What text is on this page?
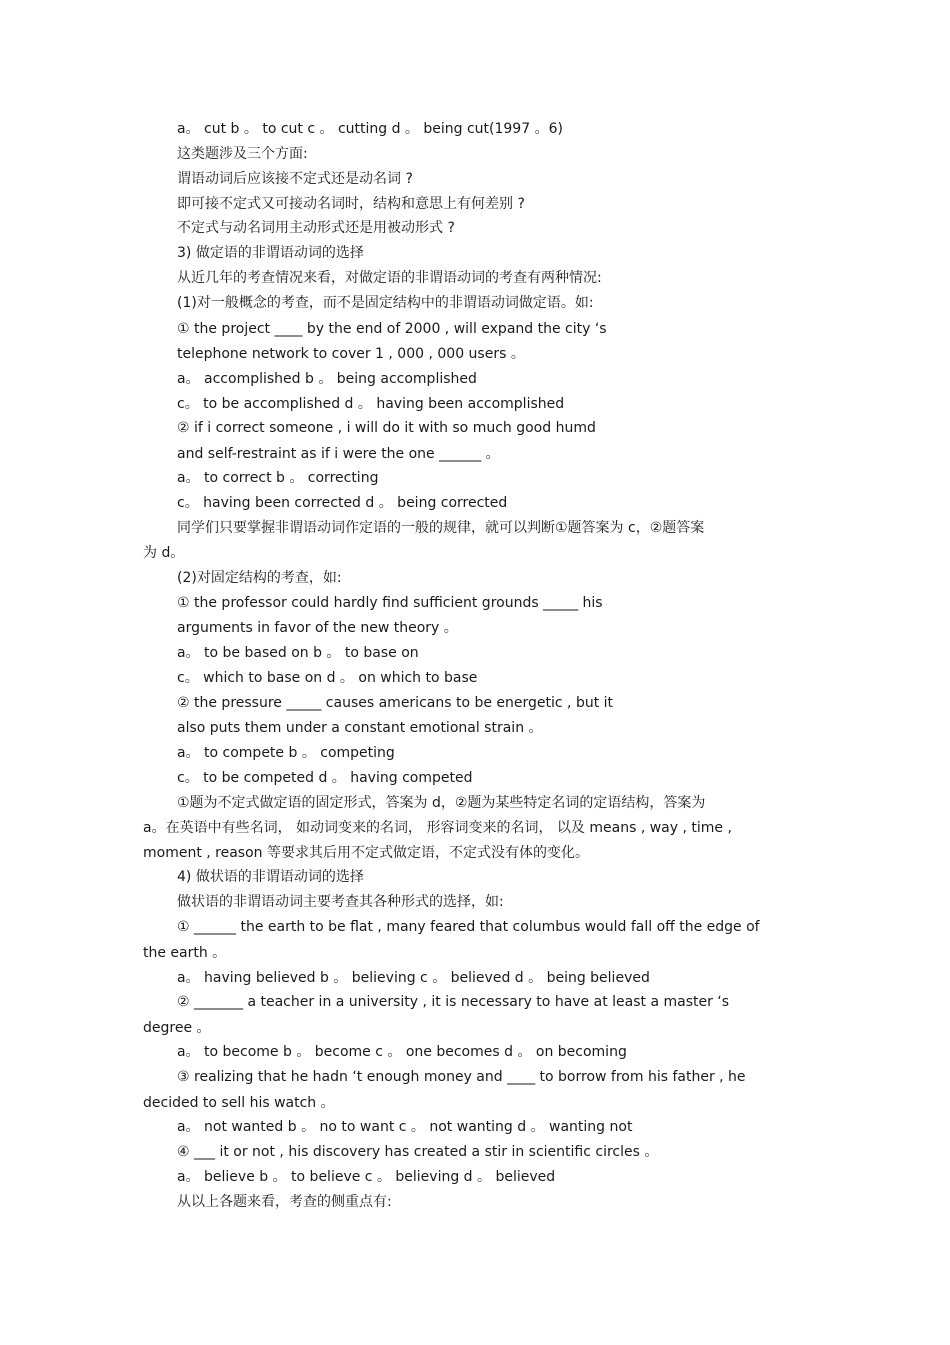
a。 cut b 。 to cut c 。 cutting d 。 being cut(1997 。6)
这类题涉及三个方面:
谓语动词后应该接不定式还是动名词 ?
即可接不定式又可接动名词时，结构和意思上有何差别 ?
不定式与动名词用主动形式还是用被动形式 ?
3) 做定语的非谓语动词的选择
从近几年的考查情况来看，对做定语的非谓语动词的考查有两种情况:
(1)对一般概念的考查，而不是固定结构中的非谓语动词做定语。如:
① the project ____ by the end of 2000 , will expand the city ‘s
telephone network to cover 1 , 000 , 000 users 。
a。 accomplished b 。 being accomplished
c。 to be accomplished d 。 having been accomplished
② if i correct someone , i will do it with so much good humd
and self-restraint as if i were the one ______ 。
a。 to correct b 。 correcting
c。 having been corrected d 。 being corrected
同学们只要掌握非谓语动词作定语的一般的规律，就可以判断①题答案为 c，②题答案
为 d。
(2)对固定结构的考查，如:
① the professor could hardly find sufficient grounds _____ his
arguments in favor of the new theory 。
a。 to be based on b 。 to base on
c。 which to base on d 。 on which to base
② the pressure _____ causes americans to be energetic , but it
also puts them under a constant emotional strain 。
a。 to compete b 。 competing
c。 to be competed d 。 having competed
①题为不定式做定语的固定形式，答案为 d，②题为某些特定名词的定语结构，答案为
a。在英语中有些名词， 如动词变来的名词， 形容词变来的名词， 以及 means , way , time ,
moment , reason 等要求其后用不定式做定语，不定式没有体的变化。
4) 做状语的非谓语动词的选择
做状语的非谓语动词主要考查其各种形式的选择，如:
① ______ the earth to be flat , many feared that columbus would fall off the edge of
the earth 。
a。 having believed b 。 believing c 。 believed d 。 being believed
② _______ a teacher in a university , it is necessary to have at least a master ‘s
degree 。
a。 to become b 。 become c 。 one becomes d 。 on becoming
③ realizing that he hadn ‘t enough money and ____ to borrow from his father , he
decided to sell his watch 。
a。 not wanted b 。 no to want c 。 not wanting d 。 wanting not
④ ___ it or not , his discovery has created a stir in scientific circles 。
a。 believe b 。 to believe c 。 believing d 。 believed
从以上各题来看，考查的侧重点有:
